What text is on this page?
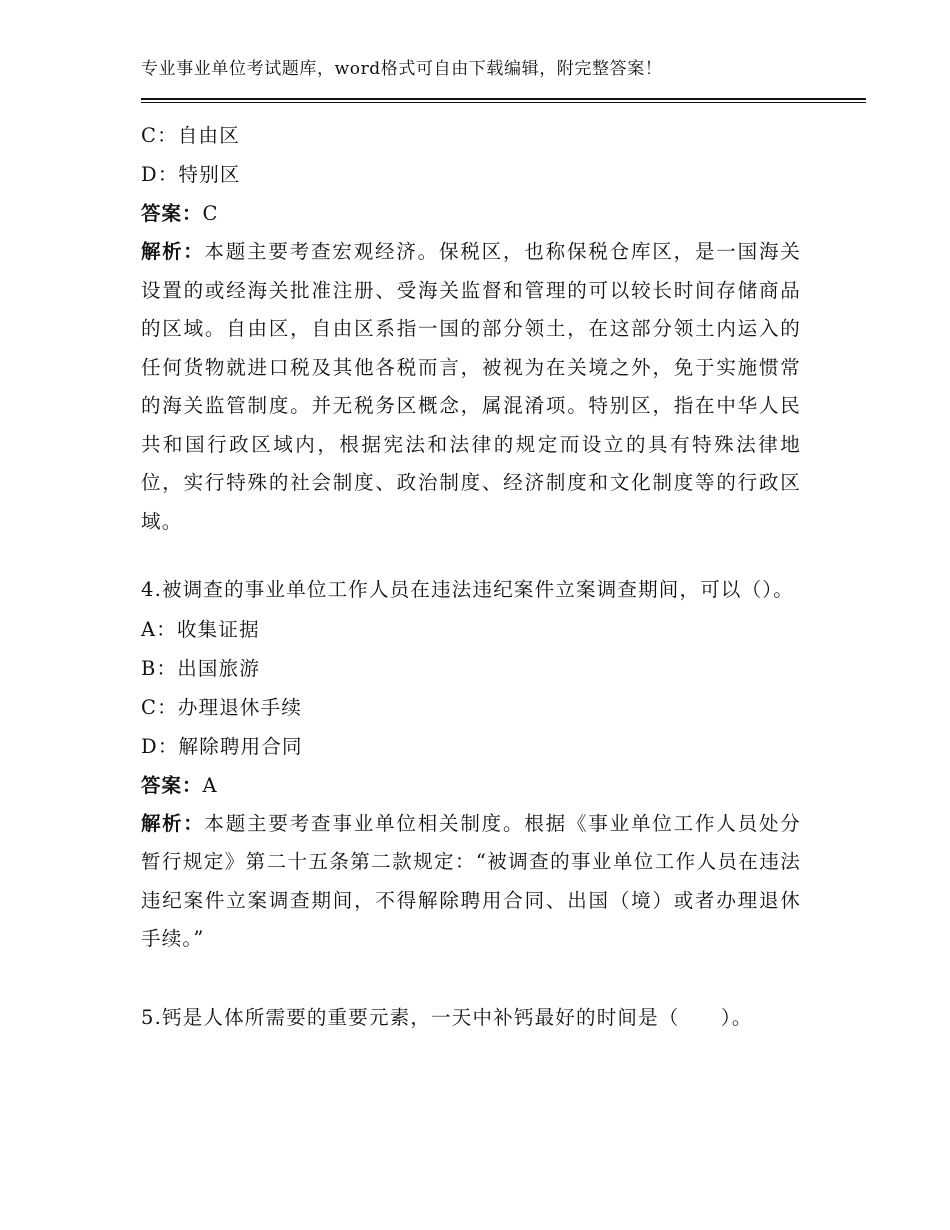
专业事业单位考试题库，word格式可自由下载编辑，附完整答案！
C：自由区
D：特别区
答案：C
解析：本题主要考查宏观经济。保税区，也称保税仓库区，是一国海关设置的或经海关批准注册、受海关监督和管理的可以较长时间存储商品的区域。自由区，自由区系指一国的部分领土，在这部分领土内运入的任何货物就进口税及其他各税而言，被视为在关境之外，免于实施惯常的海关监管制度。并无税务区概念，属混淆项。特别区，指在中华人民共和国行政区域内，根据宪法和法律的规定而设立的具有特殊法律地位，实行特殊的社会制度、政治制度、经济制度和文化制度等的行政区域。
4.被调查的事业单位工作人员在违法违纪案件立案调查期间，可以（）。
A：收集证据
B：出国旅游
C：办理退休手续
D：解除聘用合同
答案：A
解析：本题主要考查事业单位相关制度。根据《事业单位工作人员处分暂行规定》第二十五条第二款规定：“被调查的事业单位工作人员在违法违纪案件立案调查期间，不得解除聘用合同、出国（境）或者办理退休手续。”
5.钙是人体所需要的重要元素，一天中补钙最好的时间是（　　）。
